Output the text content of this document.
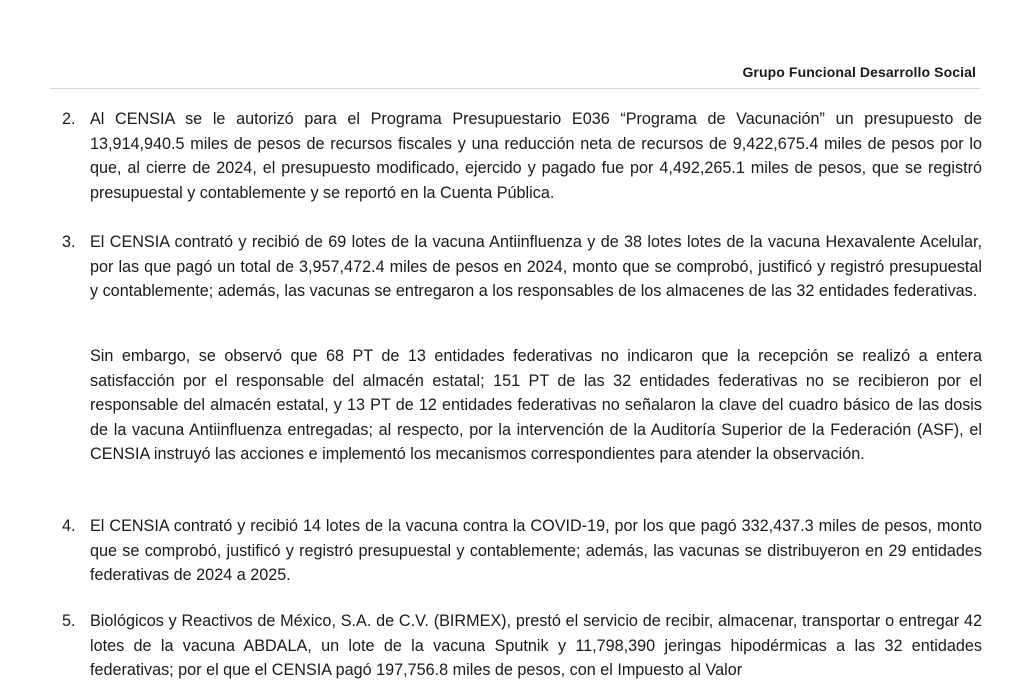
Grupo Funcional Desarrollo Social
2. Al CENSIA se le autorizó para el Programa Presupuestario E036 “Programa de Vacunación” un presupuesto de 13,914,940.5 miles de pesos de recursos fiscales y una reducción neta de recursos de 9,422,675.4 miles de pesos por lo que, al cierre de 2024, el presupuesto modificado, ejercido y pagado fue por 4,492,265.1 miles de pesos, que se registró presupuestal y contablemente y se reportó en la Cuenta Pública.
3. El CENSIA contrató y recibió de 69 lotes de la vacuna Antiinfluenza y de 38 lotes lotes de la vacuna Hexavalente Acelular, por las que pagó un total de 3,957,472.4 miles de pesos en 2024, monto que se comprobó, justificó y registró presupuestal y contablemente; además, las vacunas se entregaron a los responsables de los almacenes de las 32 entidades federativas.
Sin embargo, se observó que 68 PT de 13 entidades federativas no indicaron que la recepción se realizó a entera satisfacción por el responsable del almacén estatal; 151 PT de las 32 entidades federativas no se recibieron por el responsable del almacén estatal, y 13 PT de 12 entidades federativas no señalaron la clave del cuadro básico de las dosis de la vacuna Antiinfluenza entregadas; al respecto, por la intervención de la Auditoría Superior de la Federación (ASF), el CENSIA instruyó las acciones e implementó los mecanismos correspondientes para atender la observación.
4. El CENSIA contrató y recibió 14 lotes de la vacuna contra la COVID-19, por los que pagó 332,437.3 miles de pesos, monto que se comprobó, justificó y registró presupuestal y contablemente; además, las vacunas se distribuyeron en 29 entidades federativas de 2024 a 2025.
5. Biológicos y Reactivos de México, S.A. de C.V. (BIRMEX), prestó el servicio de recibir, almacenar, transportar o entregar 42 lotes de la vacuna ABDALA, un lote de la vacuna Sputnik y 11,798,390 jeringas hipodérmicas a las 32 entidades federativas; por el que el CENSIA pagó 197,756.8 miles de pesos, con el Impuesto al Valor
